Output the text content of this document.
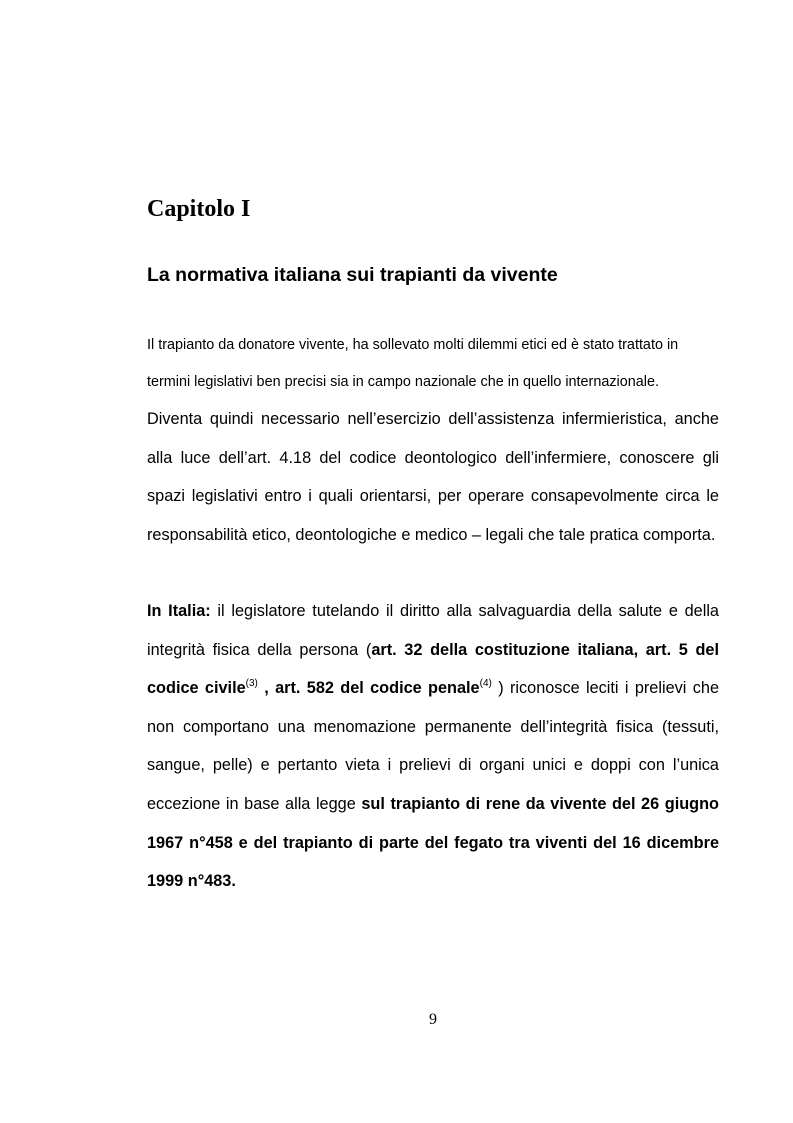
Capitolo I
La normativa italiana sui trapianti da vivente

Il trapianto da donatore vivente, ha sollevato molti dilemmi etici ed è stato trattato in termini legislativi ben precisi sia in campo nazionale che in quello internazionale.

Diventa quindi necessario nell’esercizio dell’assistenza infermieristica, anche alla luce dell’art. 4.18 del codice deontologico dell’infermiere, conoscere gli spazi legislativi entro i quali orientarsi, per operare consapevolmente circa le responsabilità etico, deontologiche e medico – legali che tale pratica comporta.

In Italia: il legislatore tutelando il diritto alla salvaguardia della salute e della integrità fisica della persona (art. 32 della costituzione italiana, art. 5 del codice civile$^{(3)}$ , art. 582 del codice penale$^{(4)}$ ) riconosce leciti i prelievi che non comportano una menomazione permanente dell’integrità fisica (tessuti, sangue, pelle) e pertanto vieta i prelievi di organi unici e doppi con l’unica eccezione in base alla legge sul trapianto di rene da vivente del 26 giugno 1967 n°458 e del trapianto di parte del fegato tra viventi del 16 dicembre 1999 n°483.

9
